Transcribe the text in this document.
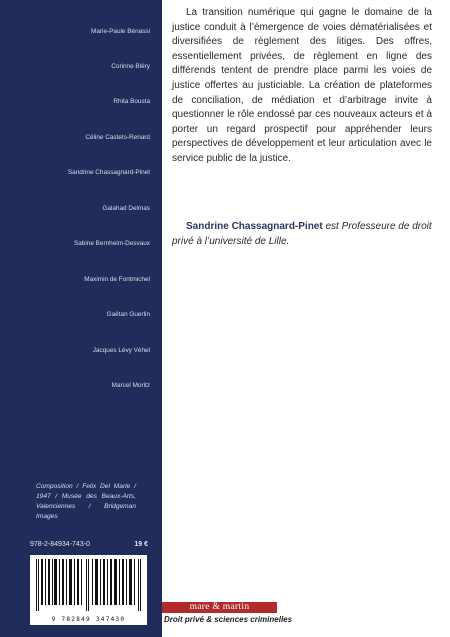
Marie-Paule Bénassi
Corinne Bléry
Rhita Bousta
Céline Castets-Renard
Sandrine Chassagnard-Pinet
Galahad Delmas
Sabine Bernheim-Desvaux
Maximin de Fontmichel
Gaëtan Guerlin
Jacques Lévy Véhel
Marcel Moritz
Composition / Felix Del Marle / 1947 / Musée des Beaux-Arts, Valenciennes / Bridgeman Images
978-2-84934-743-0	19 €
9 782849 347430

La transition numérique qui gagne le domaine de la justice conduit à l’émergence de voies dématérialisées et diversifiées de règlement des litiges. Des offres, essentiellement privées, de règlement en ligne des différends tentent de prendre place parmi les voies de justice offertes au justiciable. La création de plateformes de conciliation, de médiation et d’arbitrage invite à questionner le rôle endossé par ces nouveaux acteurs et à porter un regard prospectif pour appréhender leurs perspectives de développement et leur articulation avec le service public de la justice.

Sandrine Chassagnard-Pinet est Professeure de droit privé à l’université de Lille.

mare & martin
Droit privé & sciences criminelles
